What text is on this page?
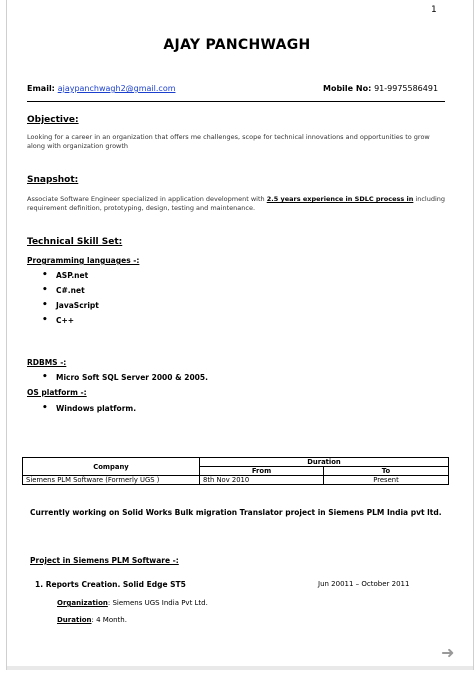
1
AJAY PANCHWAGH
Email: ajaypanchwagh2@gmail.com	Mobile No: 91-9975586491
Objective:
Looking for a career in an organization that offers me challenges, scope for technical innovations and opportunities to grow along with organization growth
Snapshot:
Associate Software Engineer specialized in application development with 2.5 years experience in SDLC process in including requirement definition, prototyping, design, testing and maintenance.
Technical Skill Set:
Programming languages -:
• ASP.net
• C#.net
• JavaScript
• C++
RDBMS -:
• Micro Soft SQL Server 2000 & 2005.
OS platform -:
• Windows platform.
Company	Duration	
	From	To
Siemens PLM Software (Formerly UGS )	8th Nov 2010	Present
Currently working on Solid Works Bulk migration Translator project in Siemens PLM India pvt ltd.
Project in Siemens PLM Software -:
1. Reports Creation. Solid Edge ST5	Jun 20011 – October 2011
Organization: Siemens UGS India Pvt Ltd.
Duration: 4 Month.
➜
